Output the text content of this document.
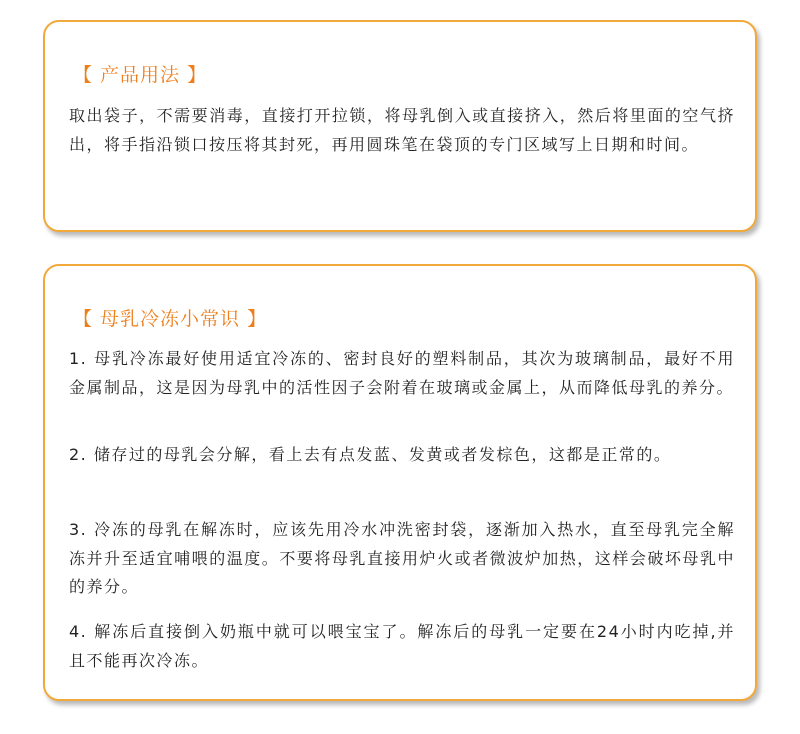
【 产品用法 】

取出袋子，不需要消毒，直接打开拉锁，将母乳倒入或直接挤入，然后将里面的空气挤出，将手指沿锁口按压将其封死，再用圆珠笔在袋顶的专门区域写上日期和时间。

【 母乳冷冻小常识 】

1. 母乳冷冻最好使用适宜冷冻的、密封良好的塑料制品，其次为玻璃制品，最好不用金属制品，这是因为母乳中的活性因子会附着在玻璃或金属上，从而降低母乳的养分。

2. 储存过的母乳会分解，看上去有点发蓝、发黄或者发棕色，这都是正常的。

3. 冷冻的母乳在解冻时，应该先用冷水冲洗密封袋，逐渐加入热水，直至母乳完全解冻并升至适宜哺喂的温度。不要将母乳直接用炉火或者微波炉加热，这样会破坏母乳中的养分。

4. 解冻后直接倒入奶瓶中就可以喂宝宝了。解冻后的母乳一定要在24小时内吃掉,并且不能再次冷冻。
